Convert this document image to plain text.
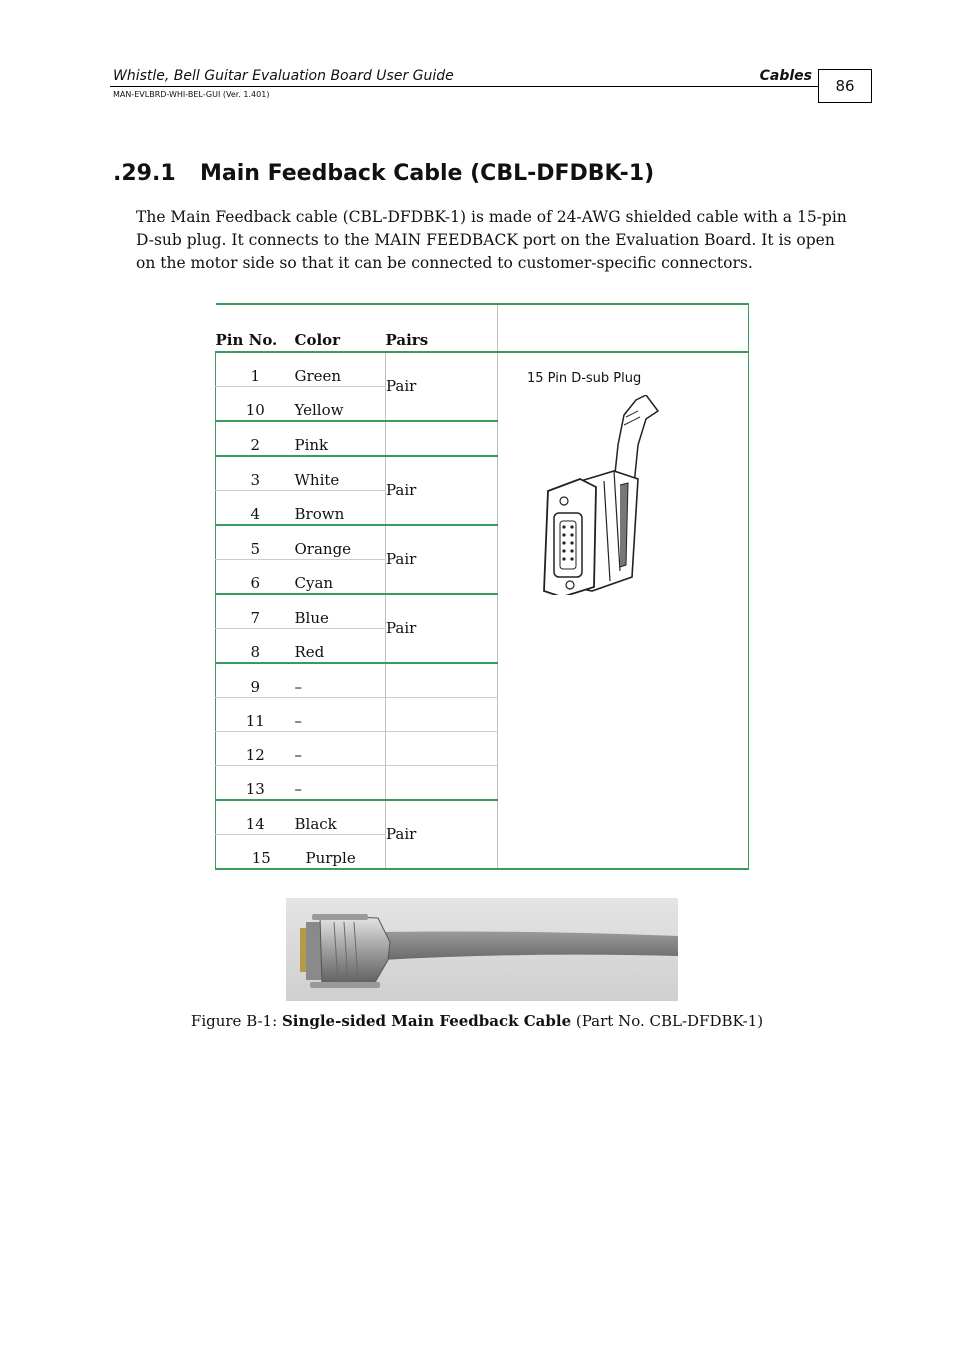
Whistle, Bell Guitar Evaluation Board User Guide
MAN-EVLBRD-WHI-BEL-GUI (Ver. 1.401)
Cables
86
.29.1 Main Feedback Cable (CBL-DFDBK-1)

The Main Feedback cable (CBL-DFDBK-1) is made of 24-AWG shielded cable with a 15-pin D-sub plug. It connects to the MAIN FEEDBACK port on the Evaluation Board. It is open on the motor side so that it can be connected to customer-specific connectors.

Pin No.	Color	Pairs	
1	Green	Pair	15 Pin D-sub Plug

10	Yellow		
2	Pink		
3	White	Pair	
4	Brown		
5	Orange	Pair	
6	Cyan		
7	Blue	Pair	
8	Red		
9	–		
11	–		
12	–		
13	–		
14	Black	Pair	
15	Purple		
Figure B-1: Single-sided Main Feedback Cable (Part No. CBL-DFDBK-1)
